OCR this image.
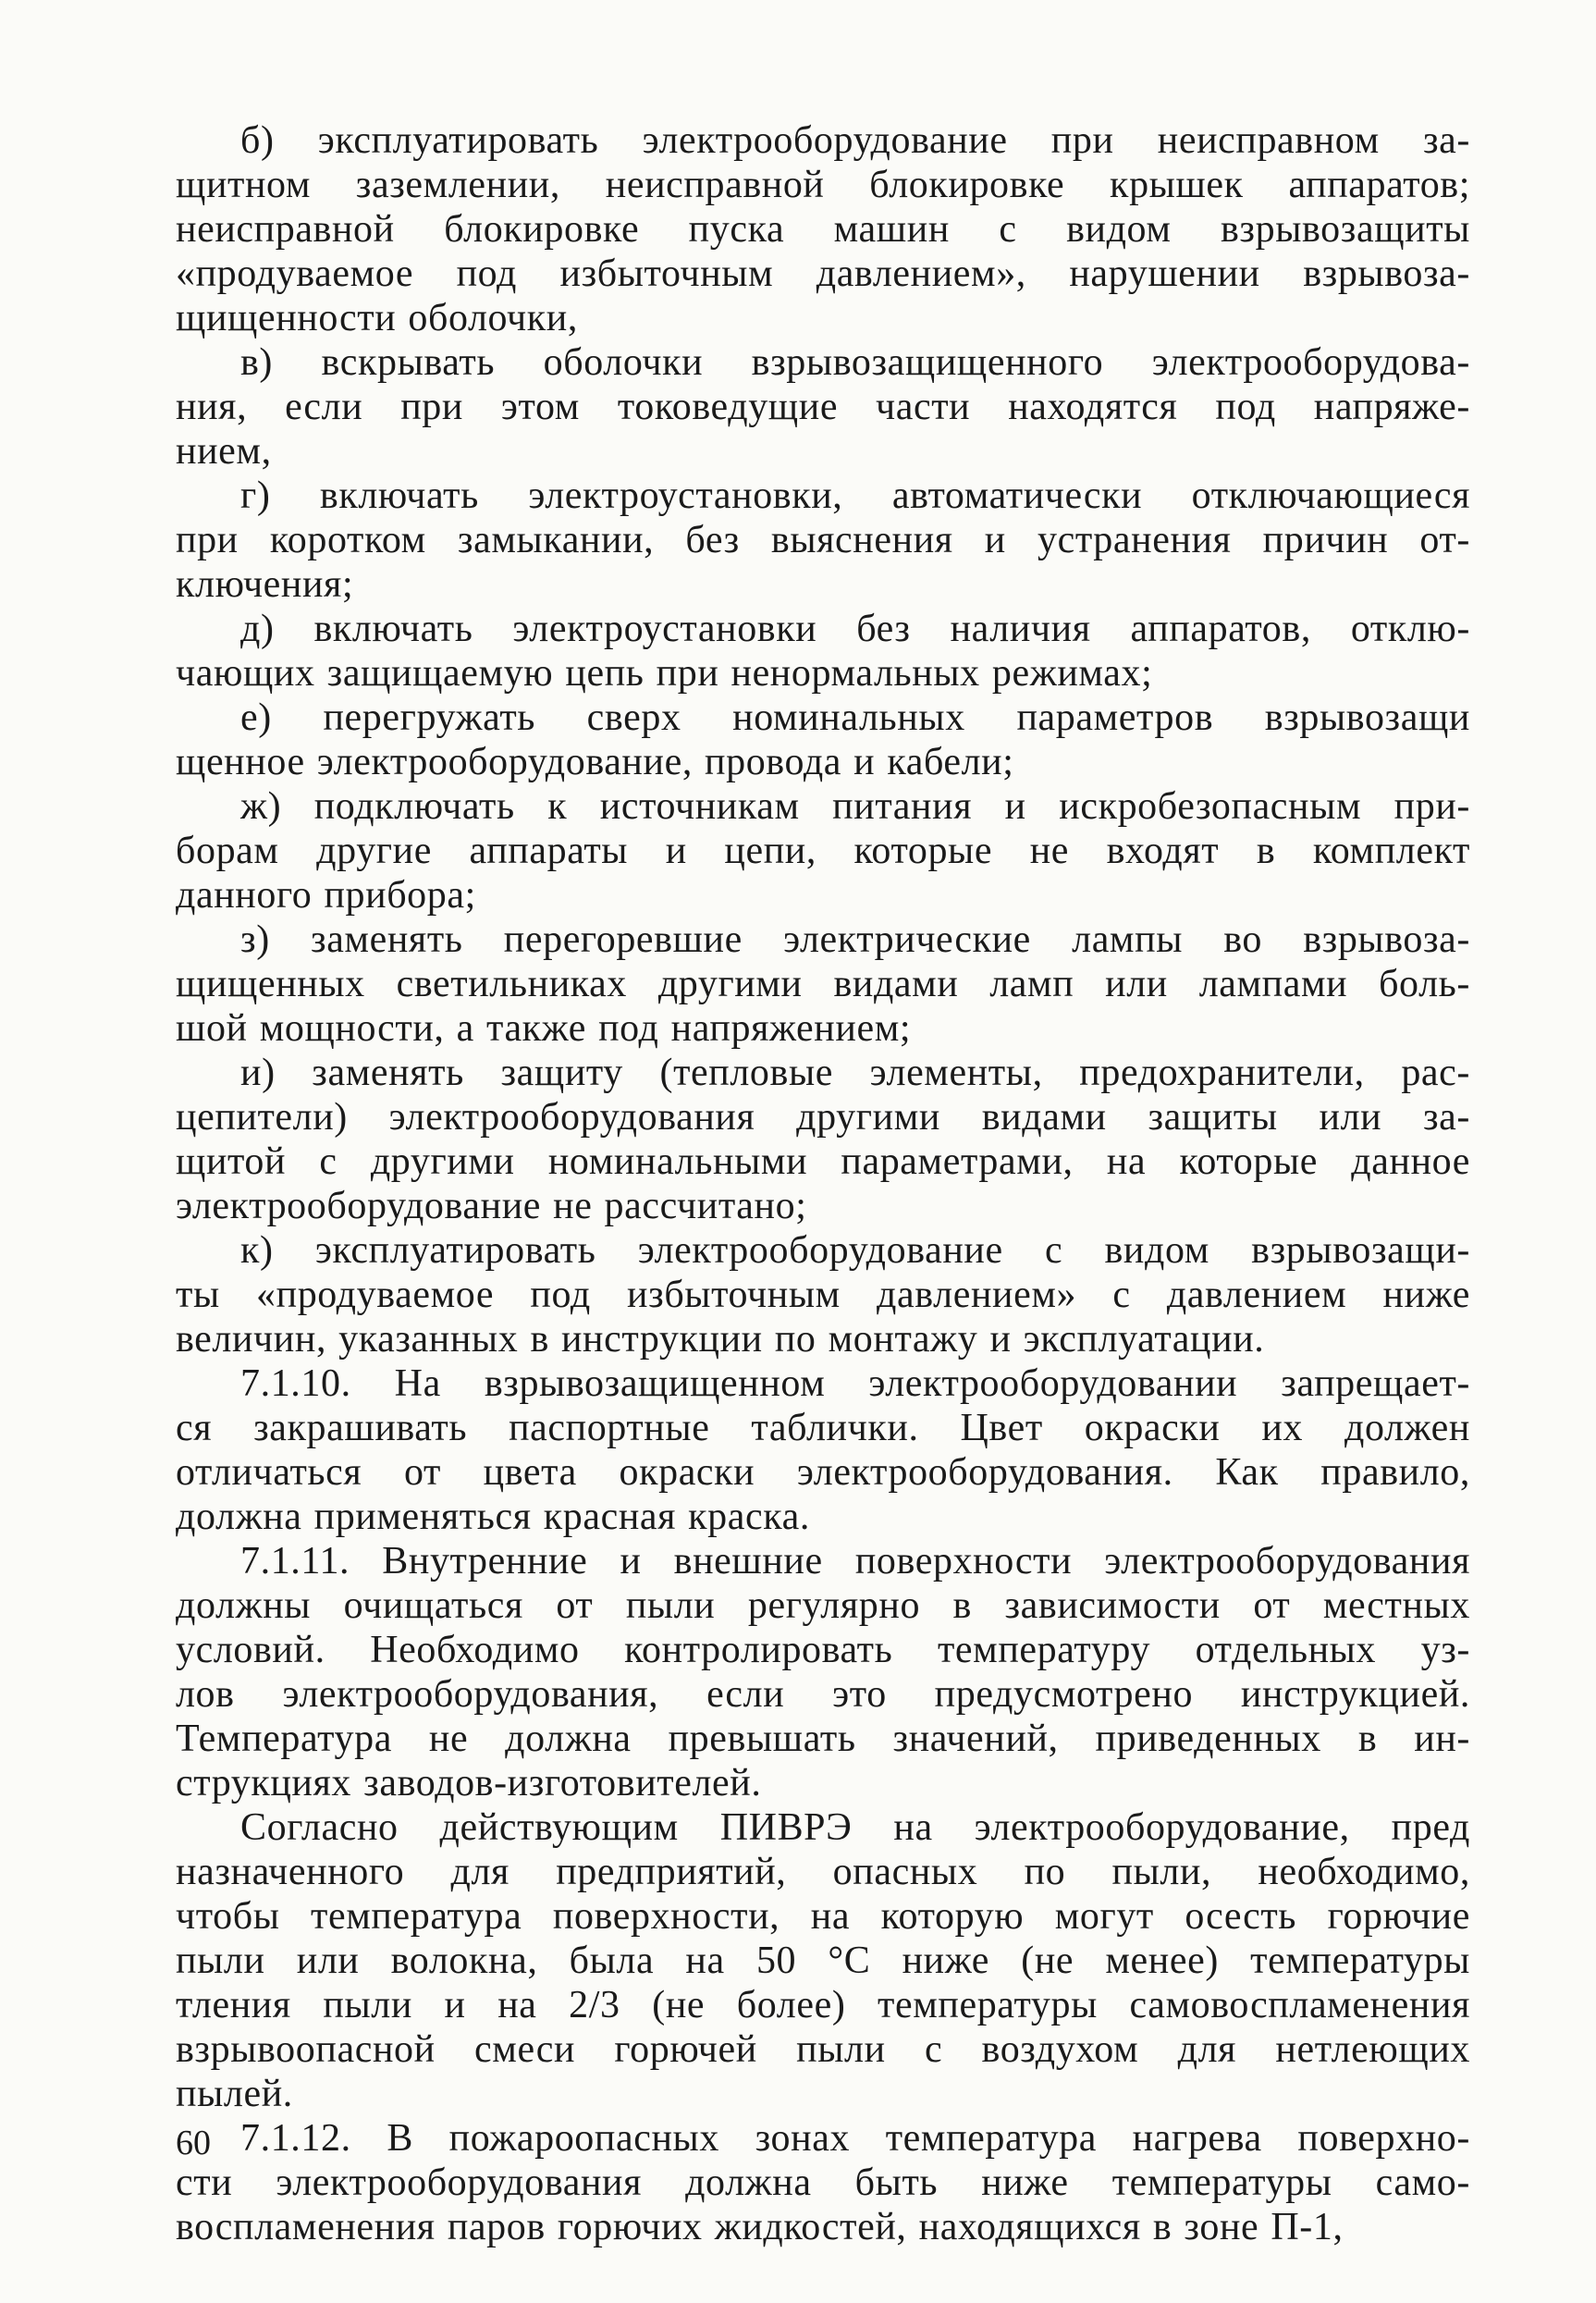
б) эксплуатировать электрооборудование при неисправном за-
щитном заземлении, неисправной блокировке крышек аппаратов;
неисправной блокировке пуска машин с видом взрывозащиты
«продуваемое под избыточным давлением», нарушении взрывоза-
щищенности оболочки,
в) вскрывать оболочки взрывозащищенного электрооборудова-
ния, если при этом токоведущие части находятся под напряже-
нием,
г) включать электроустановки, автоматически отключающиеся
при коротком замыкании, без выяснения и устранения причин от-
ключения;
д) включать электроустановки без наличия аппаратов, отклю-
чающих защищаемую цепь при ненормальных режимах;
е) перегружать сверх номинальных параметров взрывозащи
щенное электрооборудование, провода и кабели;
ж) подключать к источникам питания и искробезопасным при-
борам другие аппараты и цепи, которые не входят в комплект
данного прибора;
з) заменять перегоревшие электрические лампы во взрывоза-
щищенных светильниках другими видами ламп или лампами боль-
шой мощности, а также под напряжением;
и) заменять защиту (тепловые элементы, предохранители, рас-
цепители) электрооборудования другими видами защиты или за-
щитой с другими номинальными параметрами, на которые данное
электрооборудование не рассчитано;
к) эксплуатировать электрооборудование с видом взрывозащи-
ты «продуваемое под избыточным давлением» с давлением ниже
величин, указанных в инструкции по монтажу и эксплуатации.
7.1.10. На взрывозащищенном электрооборудовании запрещает-
ся закрашивать паспортные таблички. Цвет окраски их должен
отличаться от цвета окраски электрооборудования. Как правило,
должна применяться красная краска.
7.1.11. Внутренние и внешние поверхности электрооборудования
должны очищаться от пыли регулярно в зависимости от местных
условий. Необходимо контролировать температуру отдельных уз-
лов электрооборудования, если это предусмотрено инструкцией.
Температура не должна превышать значений, приведенных в ин-
струкциях заводов-изготовителей.
Согласно действующим ПИВРЭ на электрооборудование, пред
назначенного для предприятий, опасных по пыли, необходимо,
чтобы температура поверхности, на которую могут осесть горючие
пыли или волокна, была на 50 °С ниже (не менее) температуры
тления пыли и на 2/3 (не более) температуры самовоспламенения
взрывоопасной смеси горючей пыли с воздухом для нетлеющих
пылей.
7.1.12. В пожароопасных зонах температура нагрева поверхно-
сти электрооборудования должна быть ниже температуры само-
воспламенения паров горючих жидкостей, находящихся в зоне П-1,
60
